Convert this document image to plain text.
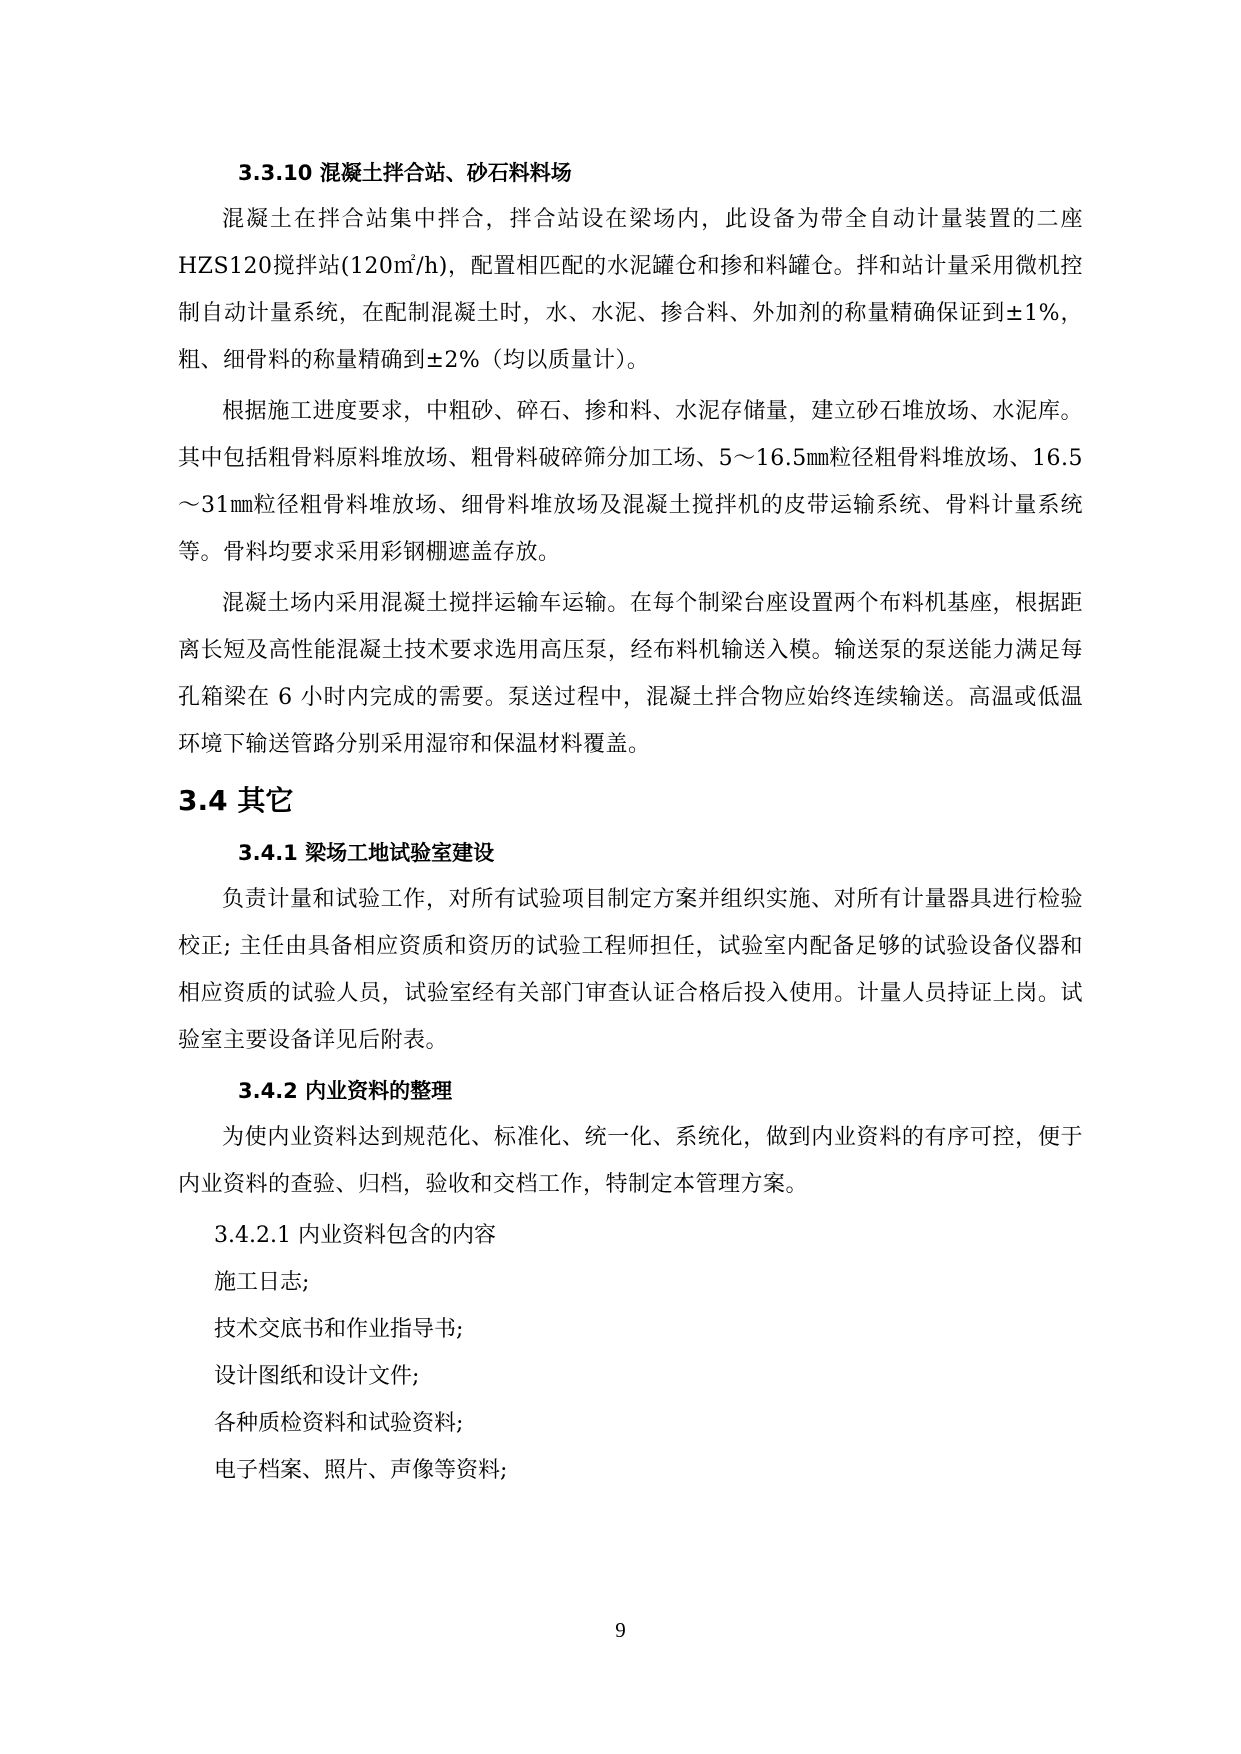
3.3.10 混凝土拌合站、砂石料料场

混凝土在拌合站集中拌合，拌合站设在梁场内，此设备为带全自动计量装置的二座HZS120搅拌站(120㎡/h)，配置相匹配的水泥罐仓和掺和料罐仓。拌和站计量采用微机控制自动计量系统，在配制混凝土时，水、水泥、掺合料、外加剂的称量精确保证到±1%，粗、细骨料的称量精确到±2%（均以质量计）。

根据施工进度要求，中粗砂、碎石、掺和料、水泥存储量，建立砂石堆放场、水泥库。其中包括粗骨料原料堆放场、粗骨料破碎筛分加工场、5～16.5㎜粒径粗骨料堆放场、16.5～31㎜粒径粗骨料堆放场、细骨料堆放场及混凝土搅拌机的皮带运输系统、骨料计量系统等。骨料均要求采用彩钢棚遮盖存放。

混凝土场内采用混凝土搅拌运输车运输。在每个制梁台座设置两个布料机基座，根据距离长短及高性能混凝土技术要求选用高压泵，经布料机输送入模。输送泵的泵送能力满足每孔箱梁在 6 小时内完成的需要。泵送过程中，混凝土拌合物应始终连续输送。高温或低温环境下输送管路分别采用湿帘和保温材料覆盖。

3.4 其它
3.4.1 梁场工地试验室建设

负责计量和试验工作，对所有试验项目制定方案并组织实施、对所有计量器具进行检验校正; 主任由具备相应资质和资历的试验工程师担任，试验室内配备足够的试验设备仪器和相应资质的试验人员，试验室经有关部门审查认证合格后投入使用。计量人员持证上岗。试验室主要设备详见后附表。

3.4.2 内业资料的整理

为使内业资料达到规范化、标准化、统一化、系统化，做到内业资料的有序可控，便于内业资料的查验、归档，验收和交档工作，特制定本管理方案。

3.4.2.1 内业资料包含的内容
施工日志;
技术交底书和作业指导书;
设计图纸和设计文件;
各种质检资料和试验资料;
电子档案、照片、声像等资料;
9
